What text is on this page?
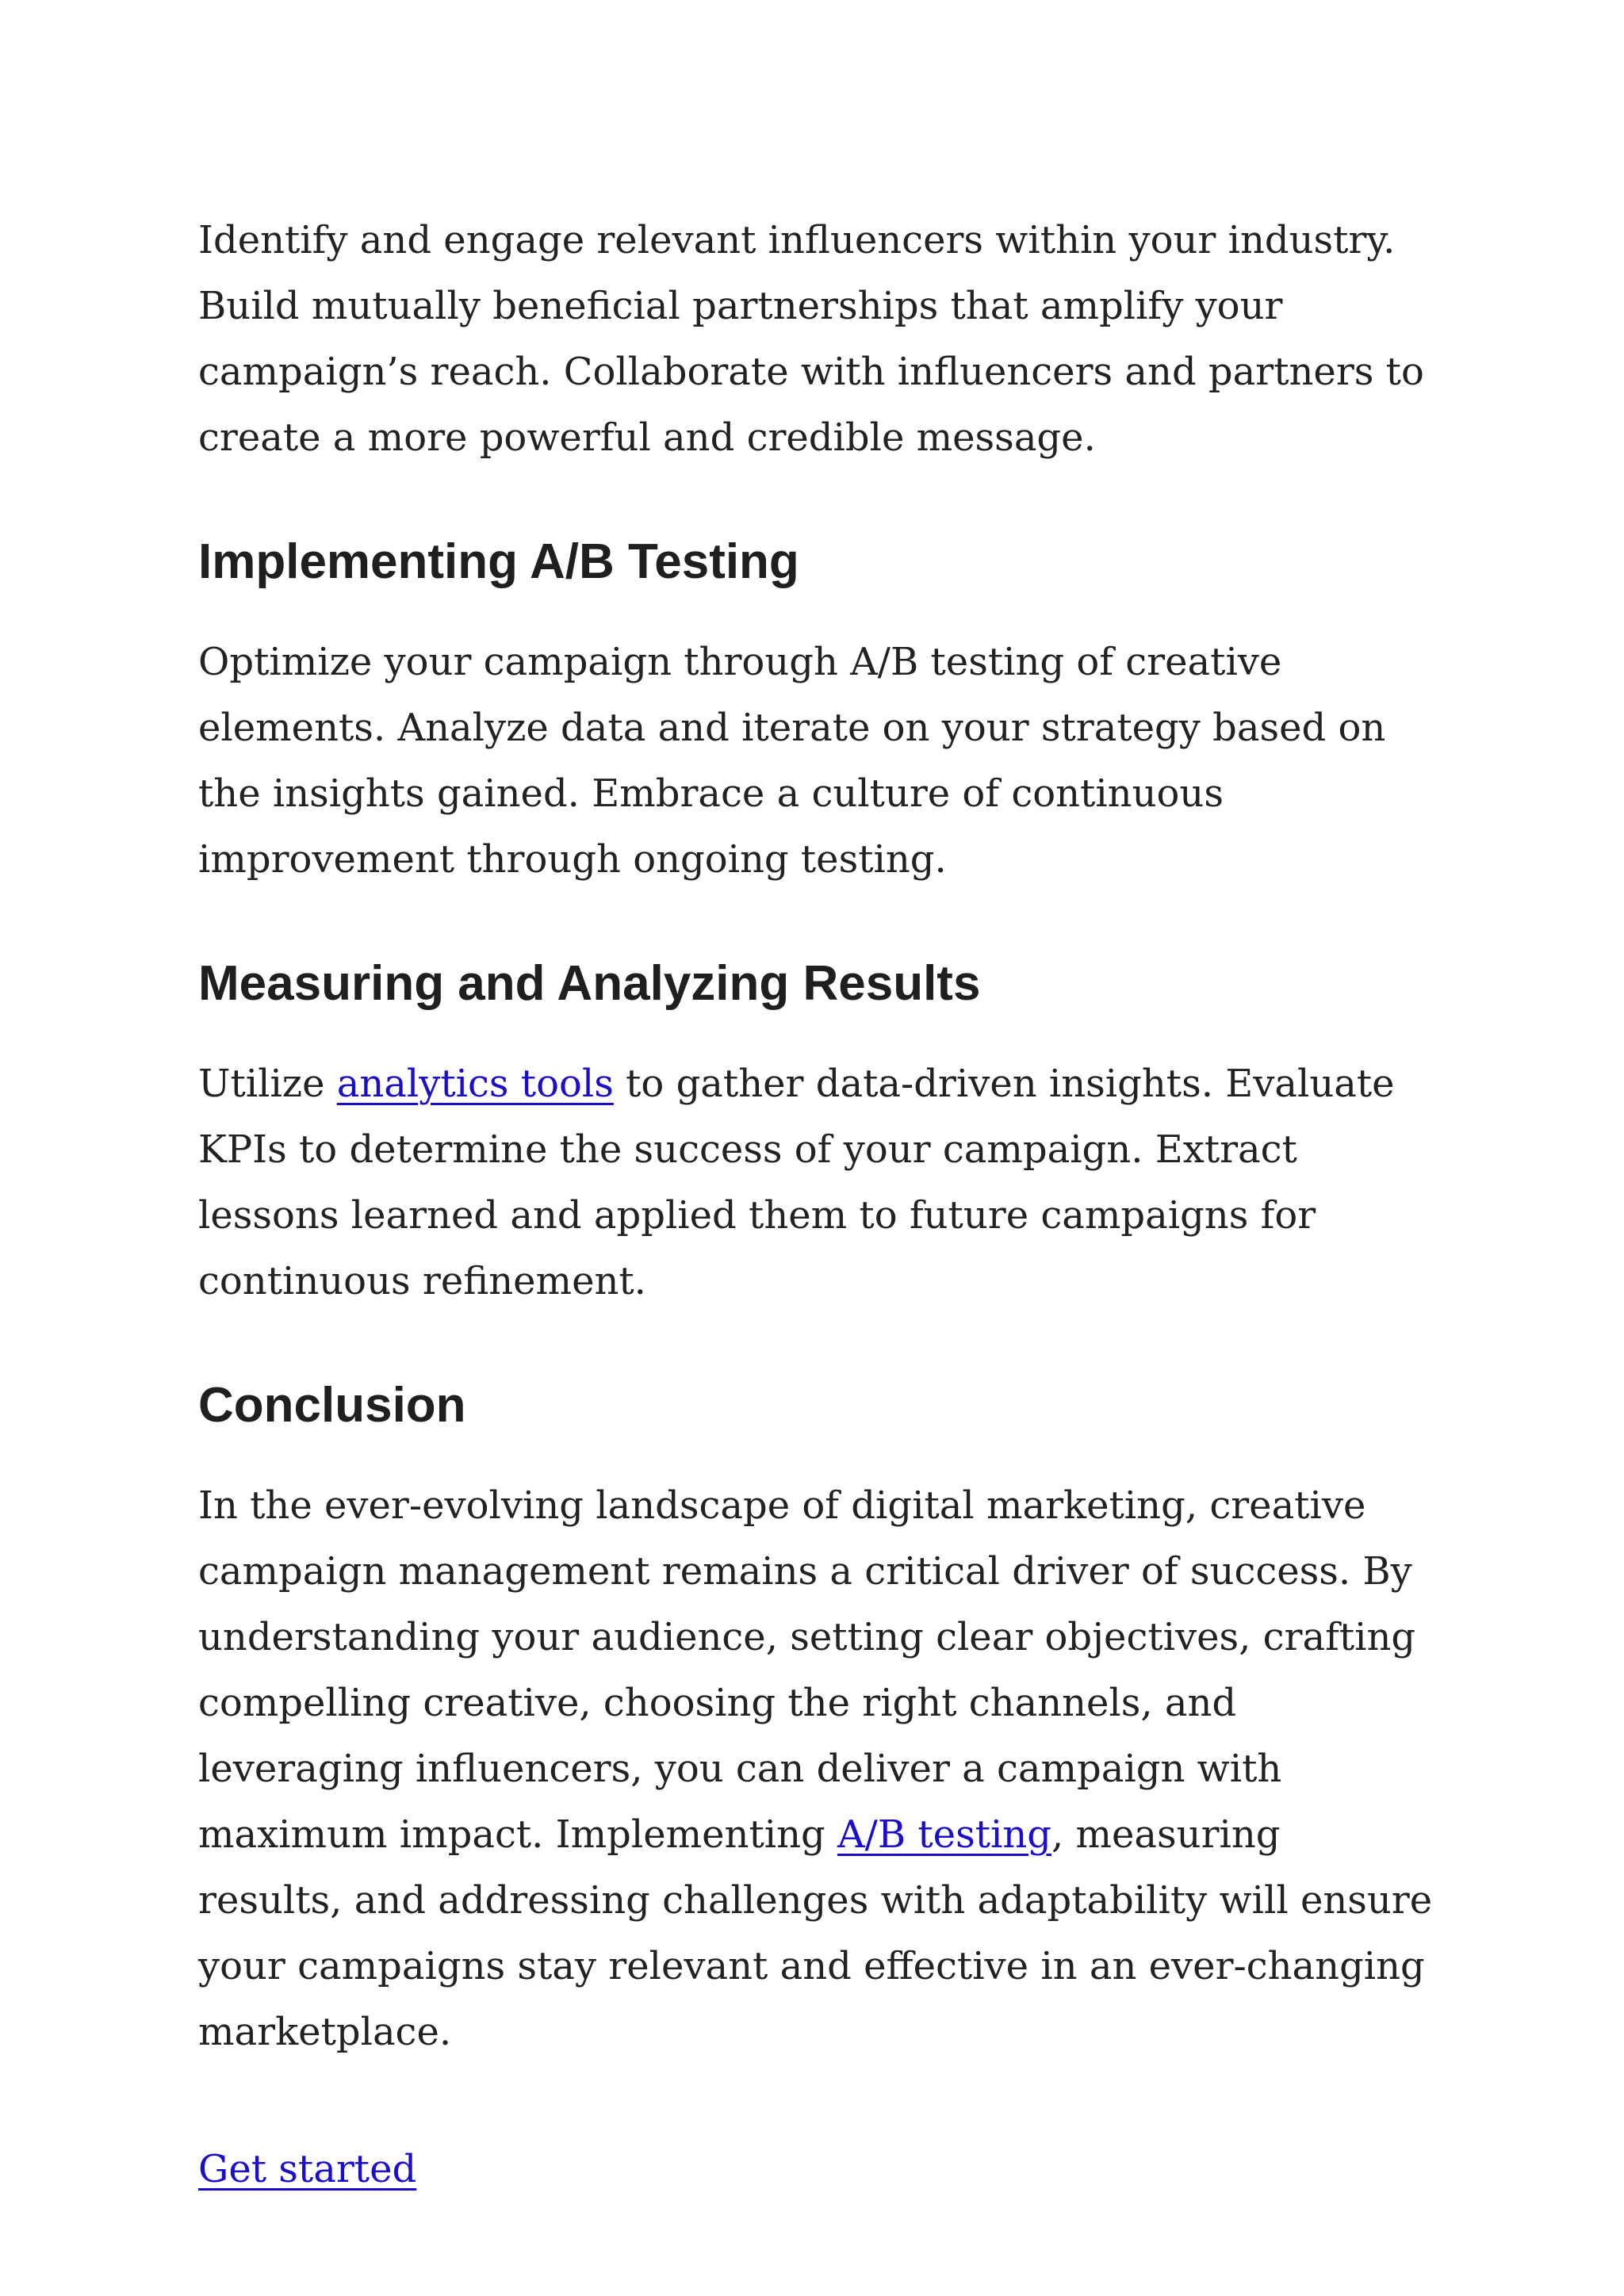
Identify and engage relevant influencers within your industry. Build mutually beneficial partnerships that amplify your campaign’s reach. Collaborate with influencers and partners to create a more powerful and credible message.

Implementing A/B Testing

Optimize your campaign through A/B testing of creative elements. Analyze data and iterate on your strategy based on the insights gained. Embrace a culture of continuous improvement through ongoing testing.

Measuring and Analyzing Results

Utilize analytics tools to gather data-driven insights. Evaluate KPIs to determine the success of your campaign. Extract lessons learned and applied them to future campaigns for continuous refinement.

Conclusion

In the ever-evolving landscape of digital marketing, creative campaign management remains a critical driver of success. By understanding your audience, setting clear objectives, crafting compelling creative, choosing the right channels, and leveraging influencers, you can deliver a campaign with maximum impact. Implementing A/B testing, measuring results, and addressing challenges with adaptability will ensure your campaigns stay relevant and effective in an ever-changing marketplace.

Get started
